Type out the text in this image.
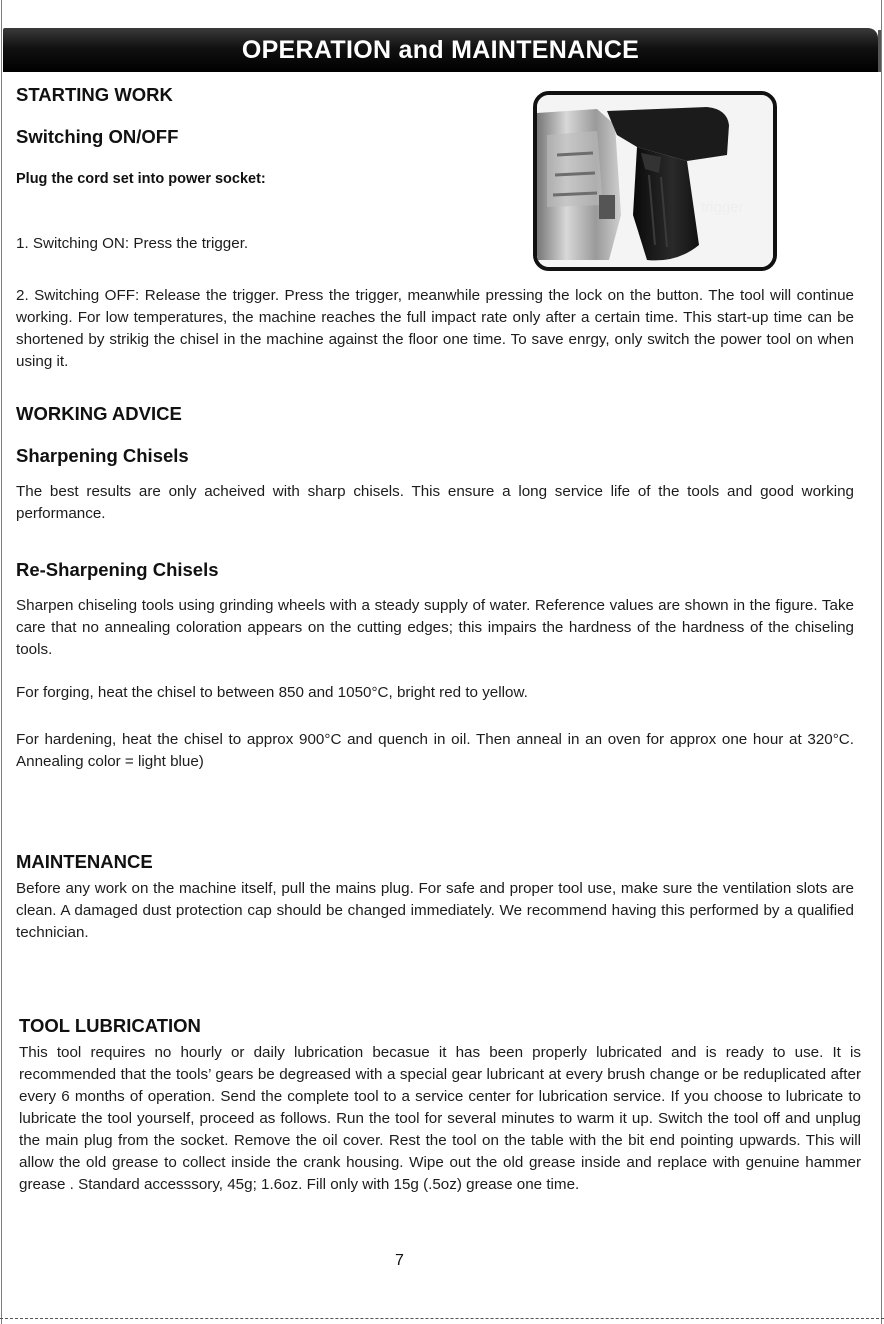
OPERATION and MAINTENANCE
STARTING WORK
Switching ON/OFF
Plug the cord set into power socket:
1. Switching ON: Press the trigger.
2. Switching OFF: Release the trigger. Press the trigger, meanwhile pressing the lock on the button. The tool will continue working. For low temperatures, the machine reaches the full impact rate only after a certain time. This start-up time can be shortened by strikig the chisel in the machine against the floor one time. To save enrgy, only switch the power tool on when using it.
trigger
WORKING ADVICE
Sharpening Chisels
The best results are only acheived with sharp chisels. This ensure a long service life of the tools and good working performance.
Re-Sharpening Chisels
Sharpen chiseling tools using grinding wheels with a steady supply of water. Reference values are shown in the figure. Take care that no annealing coloration appears on the cutting edges; this impairs the hardness of the hardness of the chiseling tools.
For forging, heat the chisel to between 850 and 1050°C, bright red to yellow.
For hardening, heat the chisel to approx 900°C and quench in oil. Then anneal in an oven for approx one hour at 320°C. Annealing color = light blue)
MAINTENANCE
Before any work on the machine itself, pull the mains plug. For safe and proper tool use, make sure the ventilation slots are clean. A damaged dust protection cap should be changed immediately. We recommend having this performed by a qualified technician.
TOOL LUBRICATION
This tool requires no hourly or daily lubrication becasue it has been properly lubricated and is ready to use. It is recommended that the tools’ gears be degreased with a special gear lubricant at every brush change or be reduplicated after every 6 months of operation. Send the complete tool to a service center for lubrication service. If you choose to lubricate to lubricate the tool yourself, proceed as follows. Run the tool for several minutes to warm it up. Switch the tool off and unplug the main plug from the socket. Remove the oil cover. Rest the tool on the table with the bit end pointing upwards. This will allow the old grease to collect inside the crank housing. Wipe out the old grease inside and replace with genuine hammer grease . Standard accesssory, 45g; 1.6oz. Fill only with 15g (.5oz) grease one time.
7
